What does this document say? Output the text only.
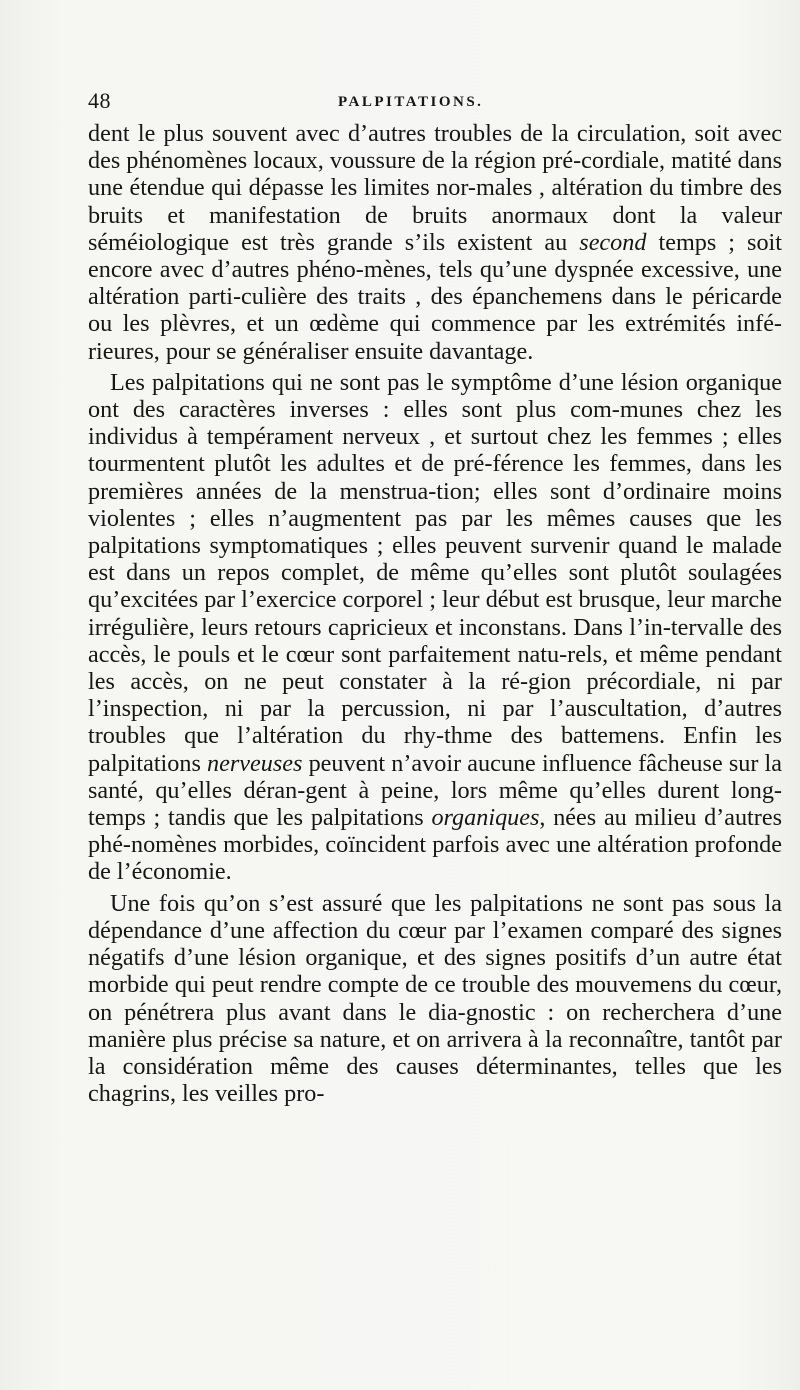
48	PALPITATIONS.

dent le plus souvent avec d’autres troubles de la circulation, soit avec des phénomènes locaux, voussure de la région pré-cordiale, matité dans une étendue qui dépasse les limites nor-males , altération du timbre des bruits et manifestation de bruits anormaux dont la valeur séméiologique est très grande s’ils existent au second temps ; soit encore avec d’autres phéno-mènes, tels qu’une dyspnée excessive, une altération parti-culière des traits , des épanchemens dans le péricarde ou les plèvres, et un œdème qui commence par les extrémités infé-rieures, pour se généraliser ensuite davantage.

Les palpitations qui ne sont pas le symptôme d’une lésion organique ont des caractères inverses : elles sont plus com-munes chez les individus à tempérament nerveux , et surtout chez les femmes ; elles tourmentent plutôt les adultes et de pré-férence les femmes, dans les premières années de la menstrua-tion; elles sont d’ordinaire moins violentes ; elles n’augmentent pas par les mêmes causes que les palpitations symptomatiques ; elles peuvent survenir quand le malade est dans un repos complet, de même qu’elles sont plutôt soulagées qu’excitées par l’exercice corporel ; leur début est brusque, leur marche irrégulière, leurs retours capricieux et inconstans. Dans l’in-tervalle des accès, le pouls et le cœur sont parfaitement natu-rels, et même pendant les accès, on ne peut constater à la ré-gion précordiale, ni par l’inspection, ni par la percussion, ni par l’auscultation, d’autres troubles que l’altération du rhy-thme des battemens. Enfin les palpitations nerveuses peuvent n’avoir aucune influence fâcheuse sur la santé, qu’elles déran-gent à peine, lors même qu’elles durent long-temps ; tandis que les palpitations organiques, nées au milieu d’autres phé-nomènes morbides, coïncident parfois avec une altération profonde de l’économie.

Une fois qu’on s’est assuré que les palpitations ne sont pas sous la dépendance d’une affection du cœur par l’examen comparé des signes négatifs d’une lésion organique, et des signes positifs d’un autre état morbide qui peut rendre compte de ce trouble des mouvemens du cœur, on pénétrera plus avant dans le dia-gnostic : on recherchera d’une manière plus précise sa nature, et on arrivera à la reconnaître, tantôt par la considération même des causes déterminantes, telles que les chagrins, les veilles pro-
